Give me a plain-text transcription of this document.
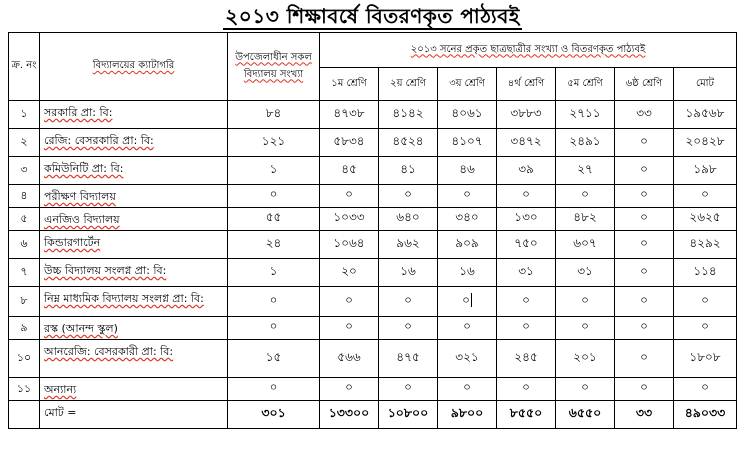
২০১৩ শিক্ষাবর্ষে বিতরণকৃত পাঠ্যবই
ক্র. নং	বিদ্যালয়ের ক্যাটাগরি	উপজেলাধীন সকল বিদ্যালয় সংখ্যা	২০১৩ সনের প্রকৃত ছাত্রছাত্রীর সংখ্যা ও বিতরণকৃত পাঠ্যবই						
			১ম শ্রেণি	২য় শ্রেণি	৩য় শ্রেণি	৪র্থ শ্রেণি	৫ম শ্রেণি	৬ষ্ঠ শ্রেণি	মোট
১	সরকারি প্রা: বি:	৮৪	৪৭৩৮	৪১৪২	৪০৬১	৩৮৮৩	২৭১১	৩৩	১৯৫৬৮
২	রেজি: বেসরকারি প্রা: বি:	১২১	৫৮৩৪	৪৫২৪	৪১০৭	৩৪৭২	২৪৯১	০	২০৪২৮
৩	কমিউনিটি প্রা: বি:	১	৪৫	৪১	৪৬	৩৯	২৭	০	১৯৮
৪	পরীক্ষণ বিদ্যালয়	০	০	০	০	০	০	০	০
৫	এনজিও বিদ্যালয়	৫৫	১০৩৩	৬৪০	৩৪০	১৩০	৪৮২	০	২৬২৫
৬	কিন্ডারগার্টেন	২৪	১০৬৪	৯৬২	৯০৯	৭৫০	৬০৭	০	৪২৯২
৭	উচ্চ বিদ্যালয় সংলগ্ন প্রা: বি:	১	২০	১৬	১৬	৩১	৩১	০	১১৪
৮	নিম্ন মাধ্যমিক বিদ্যালয় সংলগ্ন প্রা: বি:	০	০	০	০	০	০	০	০
৯	রস্ক (আনন্দ স্কুল)	০	০	০	০	০	০	০	০
১০	আনরেজি: বেসরকারী প্রা: বি:	১৫	৫৬৬	৪৭৫	৩২১	২৪৫	২০১	০	১৮০৮
১১	অন্যান্য	০	০	০	০	০	০	০	০
	মোট =	৩০১	১৩৩০০	১০৮০০	৯৮০০	৮৫৫০	৬৫৫০	৩৩	৪৯০৩৩
